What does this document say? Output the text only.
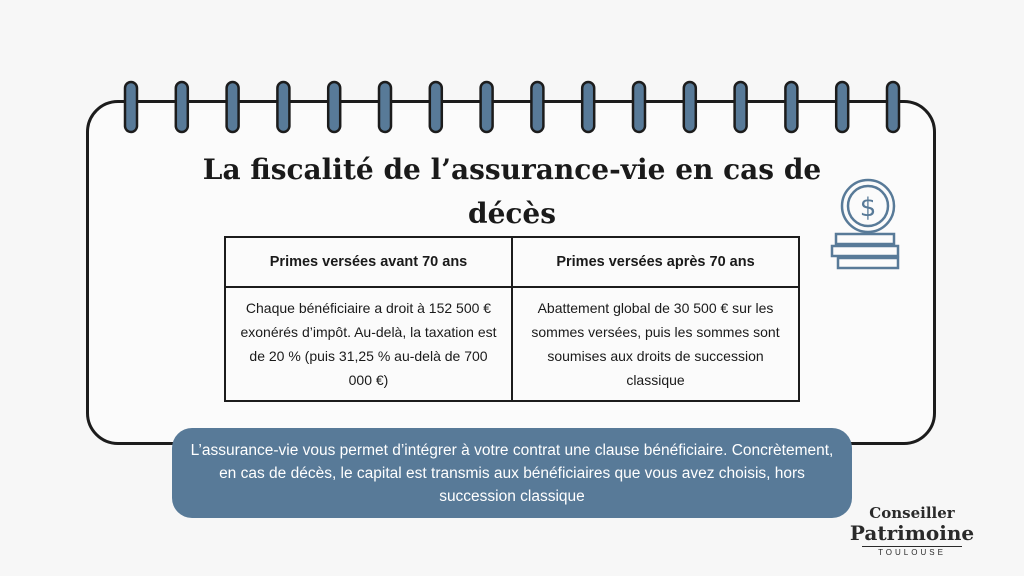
La fiscalité de l’assurance-vie en cas de décès
Primes versées avant 70 ans	Primes versées après 70 ans
Chaque bénéficiaire a droit à 152 500 € exonérés d’impôt. Au-delà, la taxation est de 20 % (puis 31,25 % au-delà de 700 000 €)	Abattement global de 30 500 € sur les sommes versées, puis les sommes sont soumises aux droits de succession classique
$
L’assurance-vie vous permet d’intégrer à votre contrat une clause bénéficiaire. Concrètement, en cas de décès, le capital est transmis aux bénéficiaires que vous avez choisis, hors succession classique
Conseiller
Patrimoine
TOULOUSE
